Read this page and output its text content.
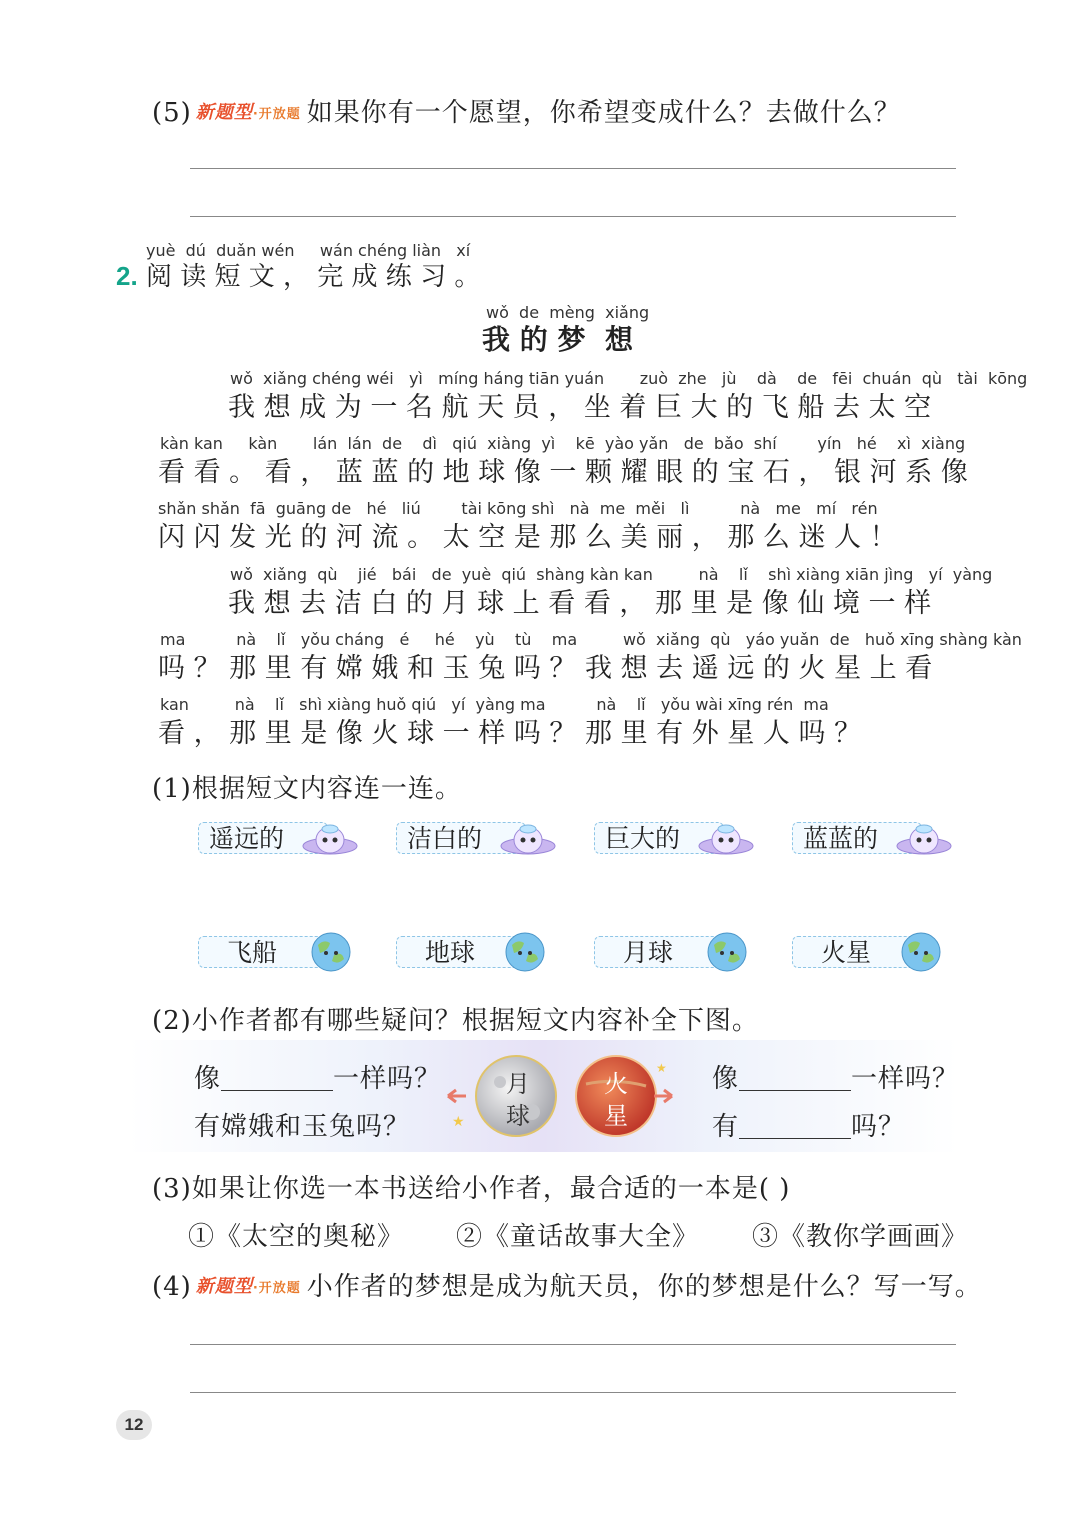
(5) 新题型·开放题 如果你有一个愿望，你希望变成什么？去做什么？
yuè  dú  duǎn wén     wán chéng liàn   xí
2. 阅 读 短 文 ， 完 成 练 习 。
wǒ  de  mèng  xiǎng
我 的 梦  想
wǒ  xiǎng chéng wéi   yì   míng háng tiān yuán       zuò  zhe   jù    dà    de   fēi  chuán  qù   tài  kōng
我 想 成 为 一 名 航 天 员 ， 坐 着 巨 大 的 飞 船 去 太 空
kàn kan     kàn       lán  lán  de    dì   qiú  xiàng  yì    kē  yào yǎn   de  bǎo  shí        yín   hé    xì  xiàng
看 看 。 看 ， 蓝 蓝 的 地 球 像 一 颗 耀 眼 的 宝 石 ， 银 河 系 像
shǎn shǎn  fā  guāng de   hé   liú        tài kōng shì   nà  me  měi   lì          nà   me   mí   rén
闪 闪 发 光 的 河 流 。 太 空 是 那 么 美 丽 ， 那 么 迷 人 ！
wǒ  xiǎng  qù    jié   bái   de  yuè  qiú  shàng kàn kan         nà    lǐ    shì xiàng xiān jìng   yí  yàng
我 想 去 洁 白 的 月 球 上 看 看 ， 那 里 是 像 仙 境 一 样
ma          nà    lǐ   yǒu cháng   é     hé    yù    tù    ma         wǒ  xiǎng  qù   yáo yuǎn  de   huǒ xīng shàng kàn
吗 ？ 那 里 有 嫦 娥 和 玉 兔 吗 ？ 我 想 去 遥 远 的 火 星 上 看
kan         nà    lǐ   shì xiàng huǒ qiú   yí  yàng ma          nà    lǐ   yǒu wài xīng rén  ma
看 ， 那 里 是 像 火 球 一 样 吗 ？ 那 里 有 外 星 人 吗 ？
(1)根据短文内容连一连。
遥远的	洁白的	巨大的	蓝蓝的
飞船	地球	月球	火星
(2)小作者都有哪些疑问？根据短文内容补全下图。
像	一样吗？
有嫦娥和玉兔吗？	★
★
月
球
火
星
像	一样吗？
有	吗？
(3)如果让你选一本书送给小作者，最合适的一本是( )
①《太空的奥秘》 ②《童话故事大全》 ③《教你学画画》
(4) 新题型·开放题 小作者的梦想是成为航天员，你的梦想是什么？写一写。
12
